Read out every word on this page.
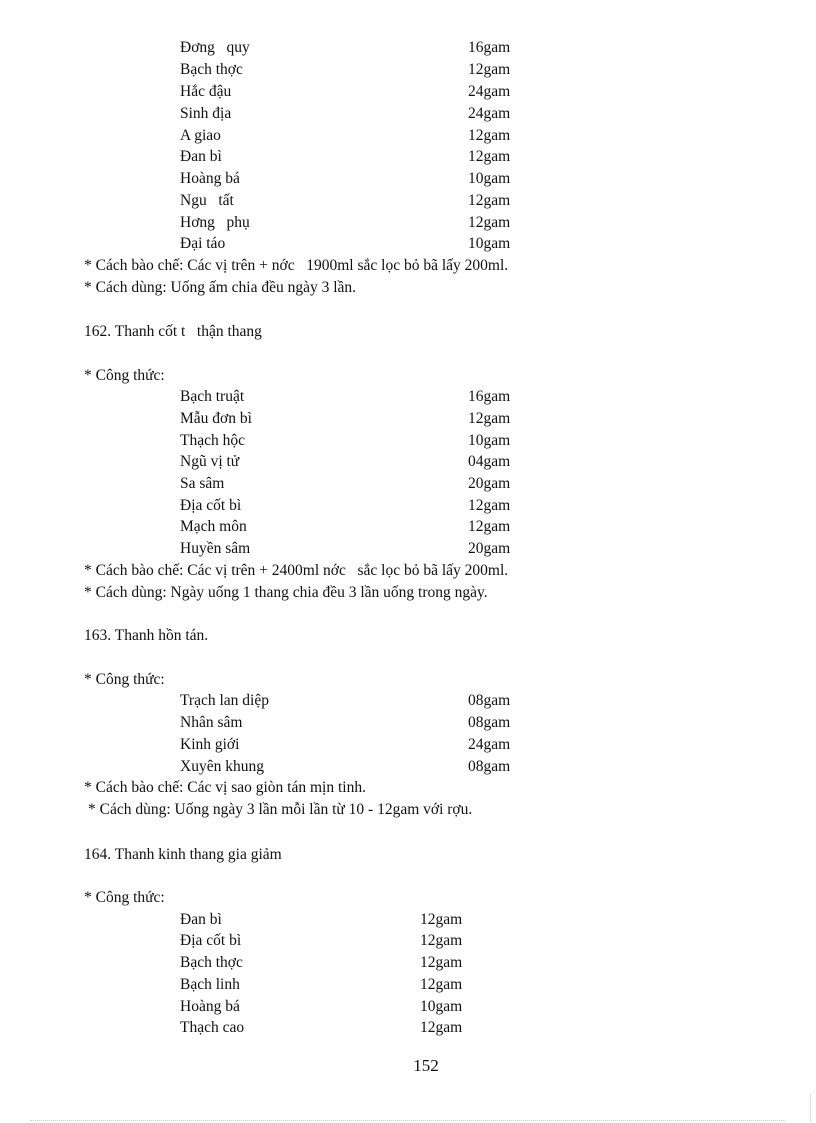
Đơng   quy	16gam
Bạch thợc	12gam
Hắc đậu	24gam
Sinh địa	24gam
A giao	12gam
Đan bì	12gam
Hoàng bá	10gam
Ngu   tất	12gam
Hơng   phụ	12gam
Đại táo	10gam
* Cách bào chế: Các vị trên + nớc   1900ml sắc lọc bỏ bã lấy 200ml.
* Cách dùng: Uống ấm chia đều ngày 3 lần.
162. Thanh cốt t   thận thang
* Công thức:
Bạch truật	16gam
Mẫu đơn bì	12gam
Thạch hộc	10gam
Ngũ vị tử	04gam
Sa sâm	20gam
Địa cốt bì	12gam
Mạch môn	12gam
Huyền sâm	20gam
* Cách bào chế: Các vị trên + 2400ml nớc   sắc lọc bỏ bã lấy 200ml.
* Cách dùng: Ngày uống 1 thang chia đều 3 lần uống trong ngày.
163. Thanh hồn tán.
* Công thức:
Trạch lan diệp	08gam
Nhân sâm	08gam
Kinh giới	24gam
Xuyên khung	08gam
* Cách bào chế: Các vị sao giòn tán mịn tinh.
* Cách dùng: Uống ngày 3 lần mỗi lần từ 10 - 12gam với rợu.
164. Thanh kinh thang gia giảm
* Công thức:
Đan bì	12gam
Địa cốt bì	12gam
Bạch thợc	12gam
Bạch linh	12gam
Hoàng bá	10gam
Thạch cao	12gam
152
